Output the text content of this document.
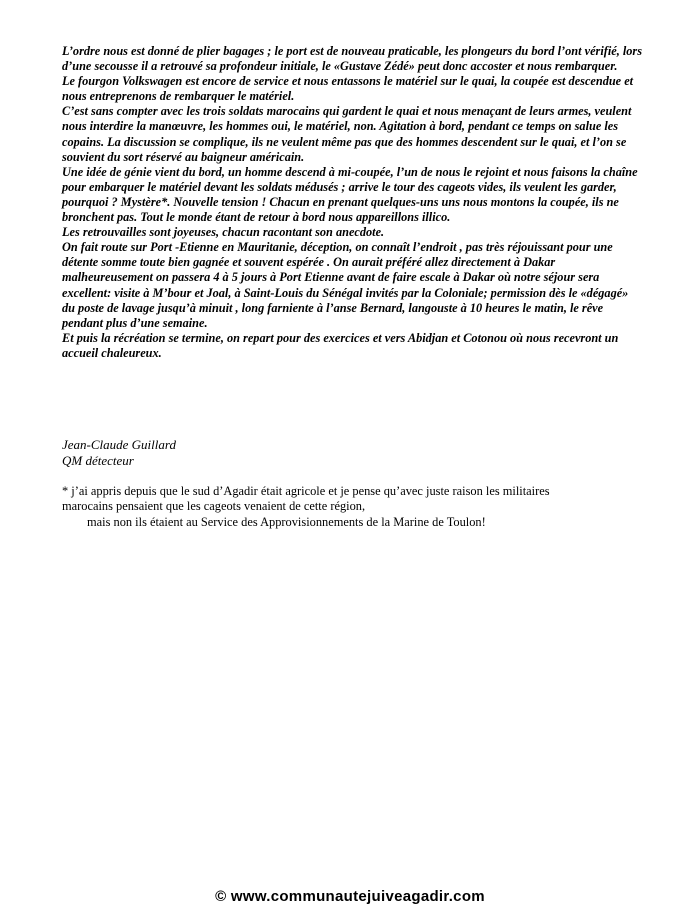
L’ordre nous est donné de plier bagages ; le port est de nouveau praticable, les plongeurs du bord l’ont vérifié, lors d’une secousse il a retrouvé sa profondeur initiale, le «Gustave Zédé» peut donc accoster et nous rembarquer.

Le fourgon Volkswagen est encore de service et nous entassons le matériel sur le quai, la coupée est descendue et nous entreprenons de rembarquer le matériel.

C’est sans compter avec les trois soldats marocains qui gardent le quai et nous menaçant de leurs armes, veulent nous interdire la manœuvre, les hommes oui, le matériel, non. Agitation à bord, pendant ce temps on salue les copains. La discussion se complique, ils ne veulent même pas que des hommes descendent sur le quai, et l’on se souvient du sort réservé au baigneur américain.

Une idée de génie vient du bord, un homme descend à mi-coupée, l’un de nous le rejoint et nous faisons la chaîne pour embarquer le matériel devant les soldats médusés ; arrive le tour des cageots vides, ils veulent les garder, pourquoi ? Mystère*. Nouvelle tension ! Chacun en prenant quelques-uns uns nous montons la coupée, ils ne bronchent pas. Tout le monde étant de retour à bord nous appareillons illico.

Les retrouvailles sont joyeuses, chacun racontant son anecdote.

On fait route sur Port -Etienne en Mauritanie, déception, on connaît l’endroit , pas très réjouissant pour une détente somme toute bien gagnée et souvent espérée . On aurait préféré allez directement à Dakar malheureusement on passera 4 à 5 jours à Port Etienne avant de faire escale à Dakar où notre séjour sera excellent: visite à M’bour et Joal, à Saint-Louis du Sénégal invités par la Coloniale; permission dès le «dégagé» du poste de lavage jusqu’à minuit , long farniente à l’anse Bernard, langouste à 10 heures le matin, le rêve pendant plus d’une semaine.

Et puis la récréation se termine, on repart pour des exercices et vers Abidjan et Cotonou où nous recevront un accueil chaleureux.

Jean-Claude Guillard
QM détecteur
* j’ai appris depuis que le sud d’Agadir était agricole et je pense qu’avec juste raison les militaires
marocains pensaient que les cageots venaient de cette région,
mais non ils étaient au Service des Approvisionnements de la Marine de Toulon!
© www.communautejuiveagadir.com
